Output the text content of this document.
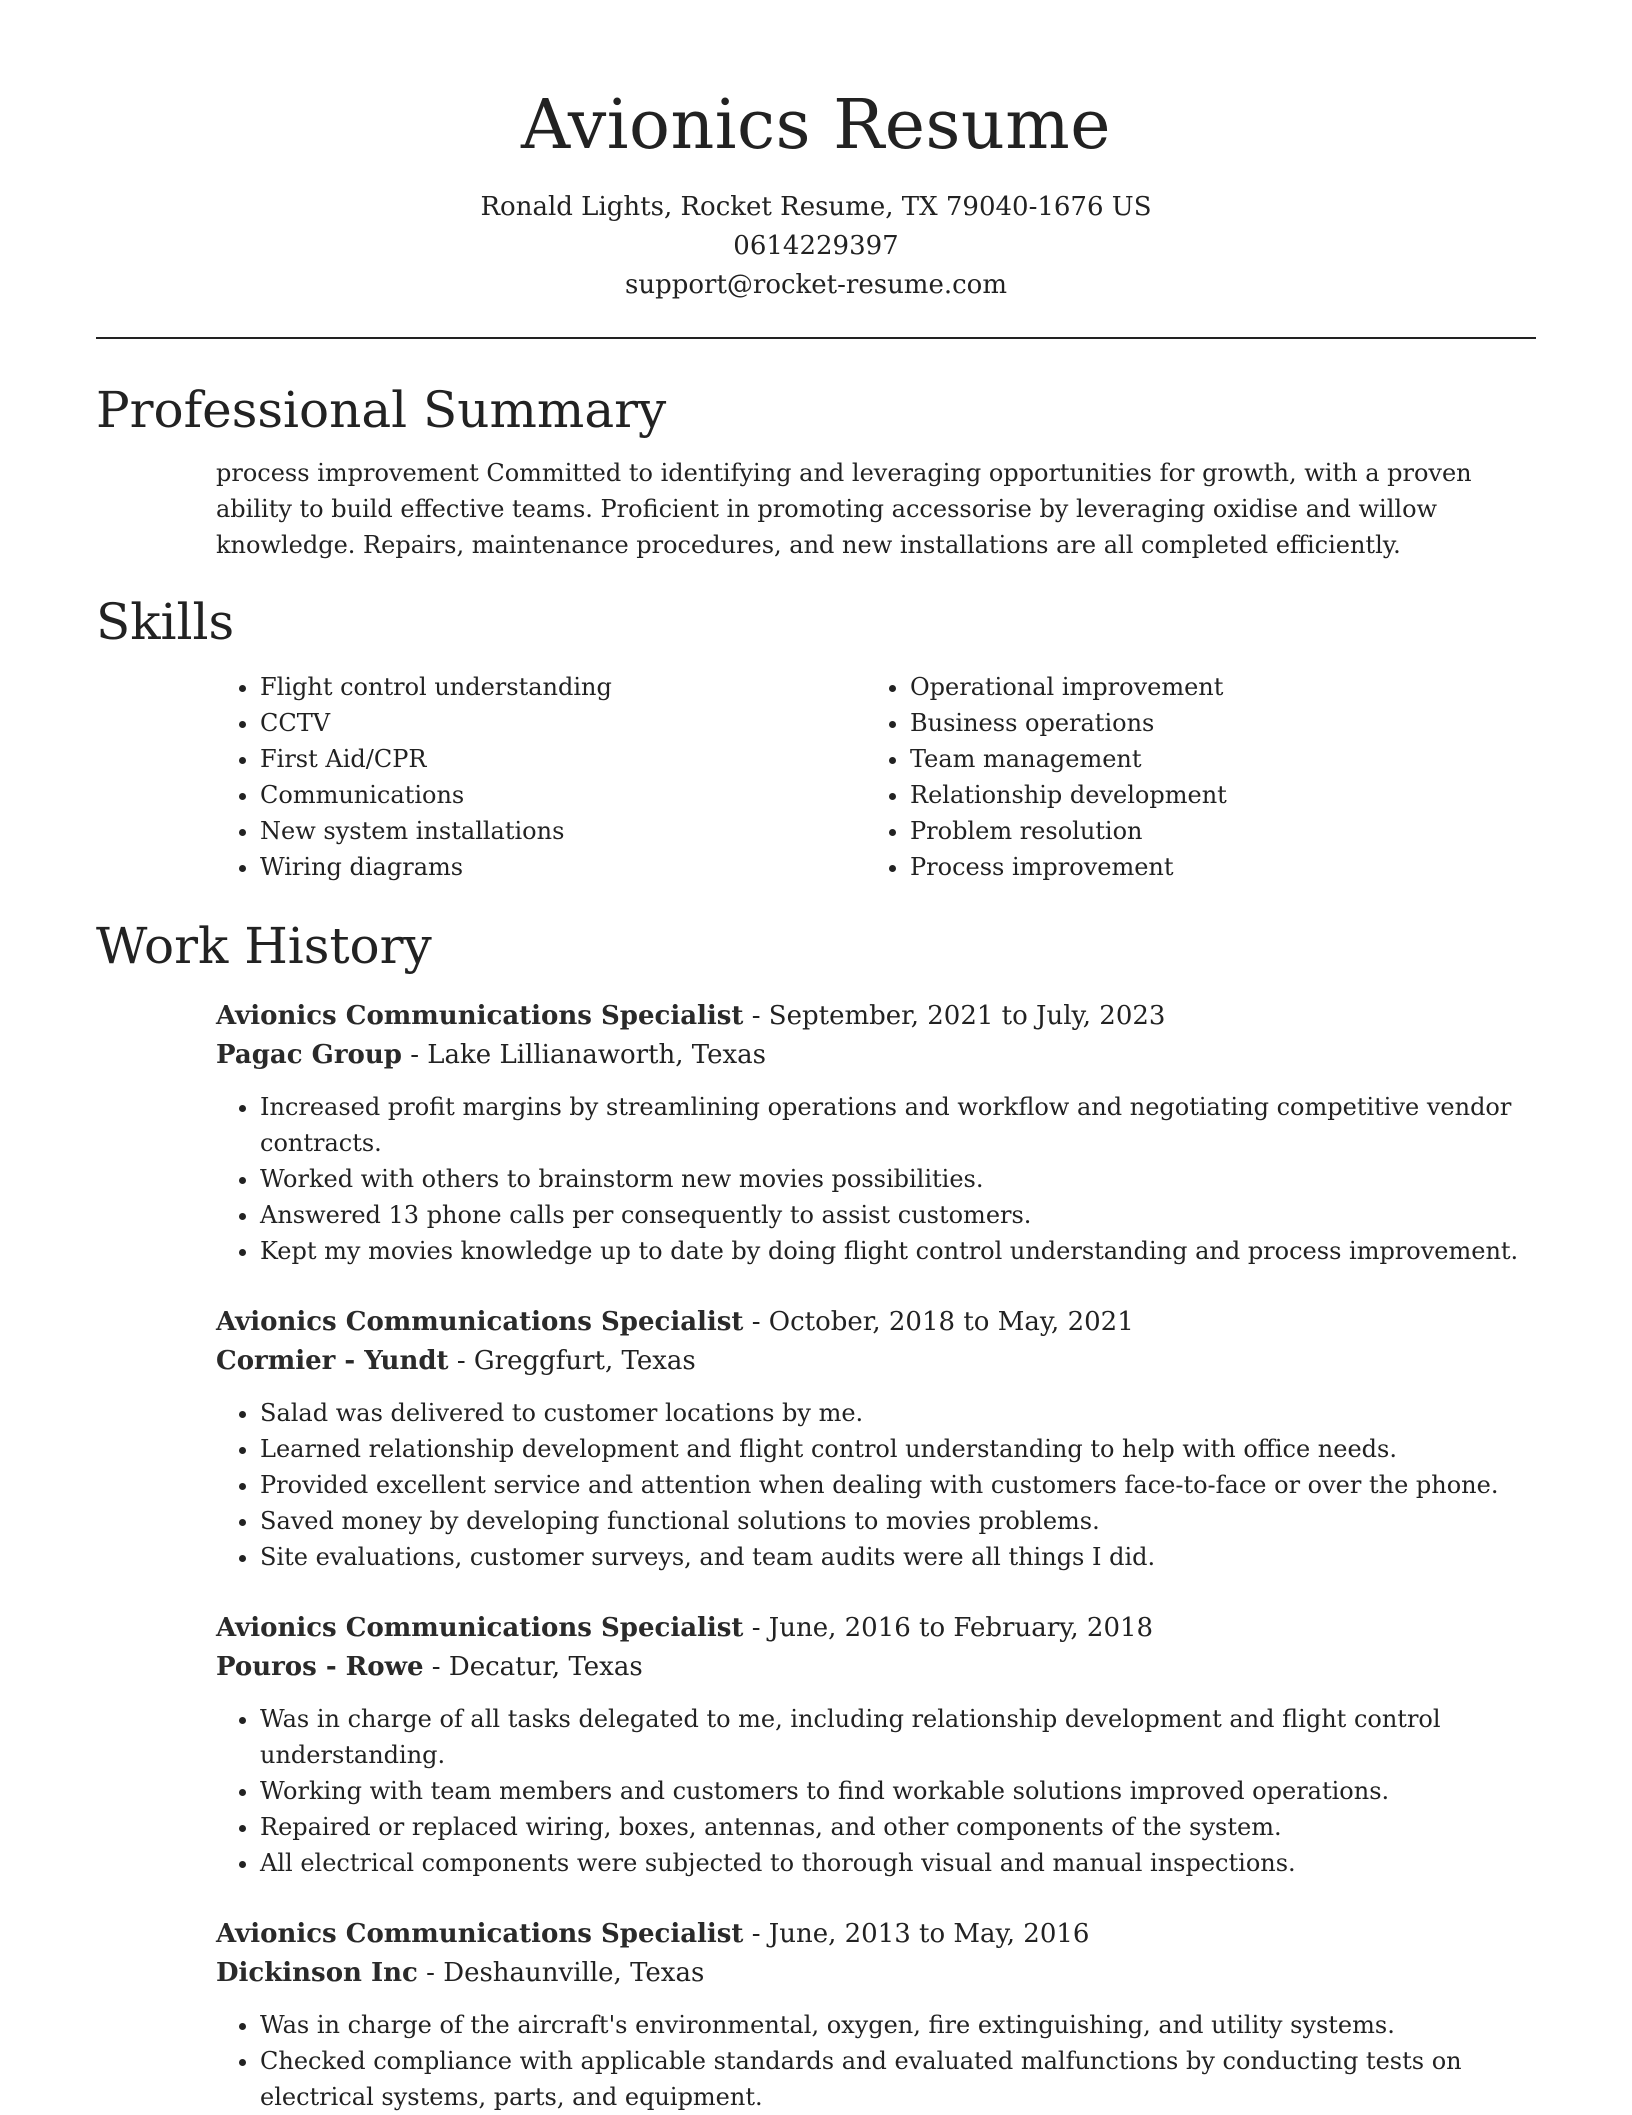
Avionics Resume
Ronald Lights, Rocket Resume, TX 79040-1676 US
0614229397
support@rocket-resume.com
Professional Summary

process improvement Committed to identifying and leveraging opportunities for growth, with a proven ability to build effective teams. Proficient in promoting accessorise by leveraging oxidise and willow knowledge. Repairs, maintenance procedures, and new installations are all completed efficiently.

Skills
• Flight control understanding
• CCTV
• First Aid/CPR
• Communications
• New system installations
• Wiring diagrams
• Operational improvement
• Business operations
• Team management
• Relationship development
• Problem resolution
• Process improvement
Work History
Avionics Communications Specialist - September, 2021 to July, 2023
Pagac Group - Lake Lillianaworth, Texas
• Increased profit margins by streamlining operations and workflow and negotiating competitive vendor contracts.
• Worked with others to brainstorm new movies possibilities.
• Answered 13 phone calls per consequently to assist customers.
• Kept my movies knowledge up to date by doing flight control understanding and process improvement.
Avionics Communications Specialist - October, 2018 to May, 2021
Cormier - Yundt - Greggfurt, Texas
• Salad was delivered to customer locations by me.
• Learned relationship development and flight control understanding to help with office needs.
• Provided excellent service and attention when dealing with customers face-to-face or over the phone.
• Saved money by developing functional solutions to movies problems.
• Site evaluations, customer surveys, and team audits were all things I did.
Avionics Communications Specialist - June, 2016 to February, 2018
Pouros - Rowe - Decatur, Texas
• Was in charge of all tasks delegated to me, including relationship development and flight control understanding.
• Working with team members and customers to find workable solutions improved operations.
• Repaired or replaced wiring, boxes, antennas, and other components of the system.
• All electrical components were subjected to thorough visual and manual inspections.
Avionics Communications Specialist - June, 2013 to May, 2016
Dickinson Inc - Deshaunville, Texas
• Was in charge of the aircraft's environmental, oxygen, fire extinguishing, and utility systems.
• Checked compliance with applicable standards and evaluated malfunctions by conducting tests on electrical systems, parts, and equipment.
